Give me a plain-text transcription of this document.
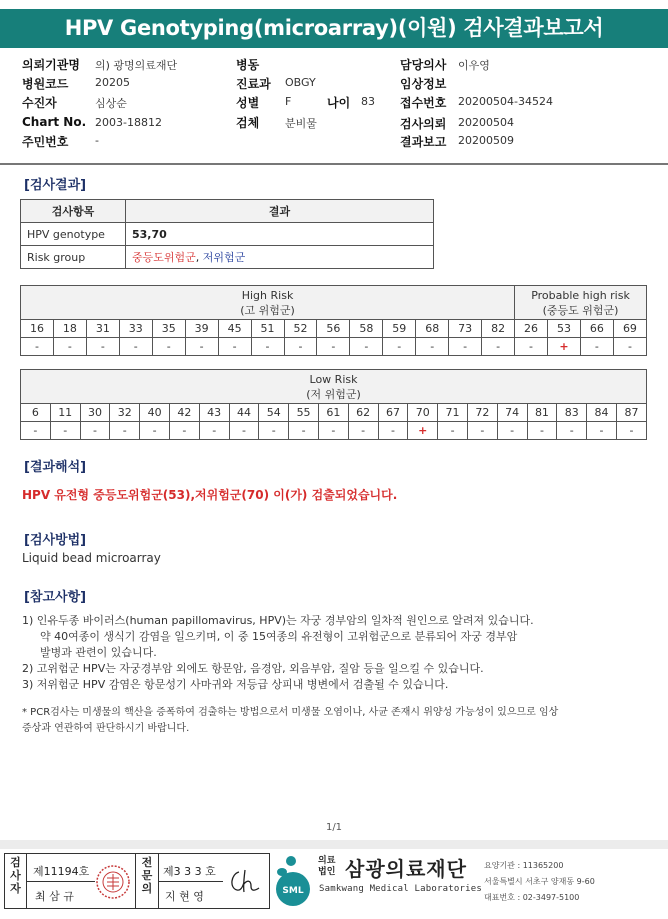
HPV Genotyping(microarray)(이원) 검사결과보고서
의뢰기관명 의) 광명의료재단
병원코드 20205
수진자	심상순
Chart No. 2003-18812
주민번호 -
병동
진료과 OBGY
성별 F	나이 83
검체 분비물
담당의사 이우영
임상정보
접수번호 20200504-34524
검사의뢰 20200504
결과보고 20200509
[검사결과]
검사항목	결과
HPV genotype	53,70
Risk group	중등도위험군, 저위험군
High Risk
(고 위험군)															Probable high risk
(중등도 위험군)			
16	18	31	33	35	39	45	51	52	56	58	59	68	73	82	26	53	66	69
-	-	-	-	-	-	-	-	-	-	-	-	-	-	-	-	+	-	-
Low Risk
(저 위험군)																				
6	11	30	32	40	42	43	44	54	55	61	62	67	70	71	72	74	81	83	84	87
-	-	-	-	-	-	-	-	-	-	-	-	-	+	-	-	-	-	-	-	-
[결과해석]
HPV 유전형 중등도위험군(53),저위험군(70) 이(가) 검출되었습니다.
[검사방법]
Liquid bead microarray
[참고사항]
1) 인유두종 바이러스(human papillomavirus, HPV)는 자궁 경부암의 일차적 원인으로 알려져 있습니다.
약 40여종이 생식기 감염을 일으키며, 이 중 15여종의 유전형이 고위험군으로 분류되어 자궁 경부암
발병과 관련이 있습니다.
2) 고위험군 HPV는 자궁경부암 외에도 항문암, 음경암, 외음부암, 질암 등을 일으킬 수 있습니다.
3) 저위험군 HPV 감염은 항문성기 사마귀와 저등급 상피내 병변에서 검출될 수 있습니다.
* PCR검사는 미생물의 핵산을 증폭하여 검출하는 방법으로서 미생물 오염이나, 사균 존재시 위양성 가능성이 있으므로 임상
증상과 연관하여 판단하시기 바랍니다.
1/1
검사자
제11194호
최 삼 규
전문의
제3 3 3 호
지 현 영	SML
의료
법인 삼광의료재단
Samkwang Medical Laboratories
요양기관 : 11365200
서울특별시 서초구 양재동 9-60
대표번호 : 02-3497-5100
